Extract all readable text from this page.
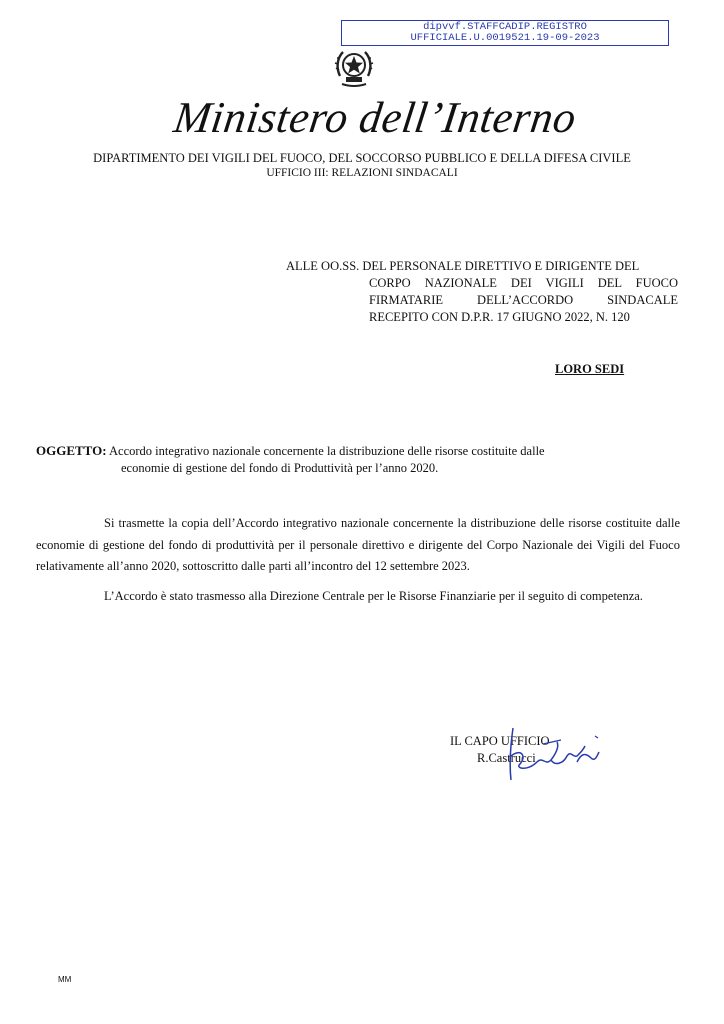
dipvvf.STAFFCADIP.REGISTRO
UFFICIALE.U.0019521.19-09-2023
Ministero dell’Interno
DIPARTIMENTO DEI VIGILI DEL FUOCO, DEL SOCCORSO PUBBLICO E DELLA DIFESA CIVILE
UFFICIO III: RELAZIONI SINDACALI
ALLE OO.SS. DEL PERSONALE DIRETTIVO E DIRIGENTE DEL
CORPO NAZIONALE DEI VIGILI DEL FUOCO
FIRMATARIE DELL’ACCORDO SINDACALE
RECEPITO CON D.P.R. 17 GIUGNO 2022, N. 120
LORO SEDI
OGGETTO: Accordo integrativo nazionale concernente la distribuzione delle risorse costituite dalle
economie di gestione del fondo di Produttività per l’anno 2020.

Si trasmette la copia dell’Accordo integrativo nazionale concernente la distribuzione delle risorse costituite dalle economie di gestione del fondo di produttività per il personale direttivo e dirigente del Corpo Nazionale dei Vigili del Fuoco relativamente all’anno 2020, sottoscritto dalle parti all’incontro del 12 settembre 2023.

L’Accordo è stato trasmesso alla Direzione Centrale per le Risorse Finanziarie per il seguito di competenza.

IL CAPO UFFICIO
R.Castrucci
MM
